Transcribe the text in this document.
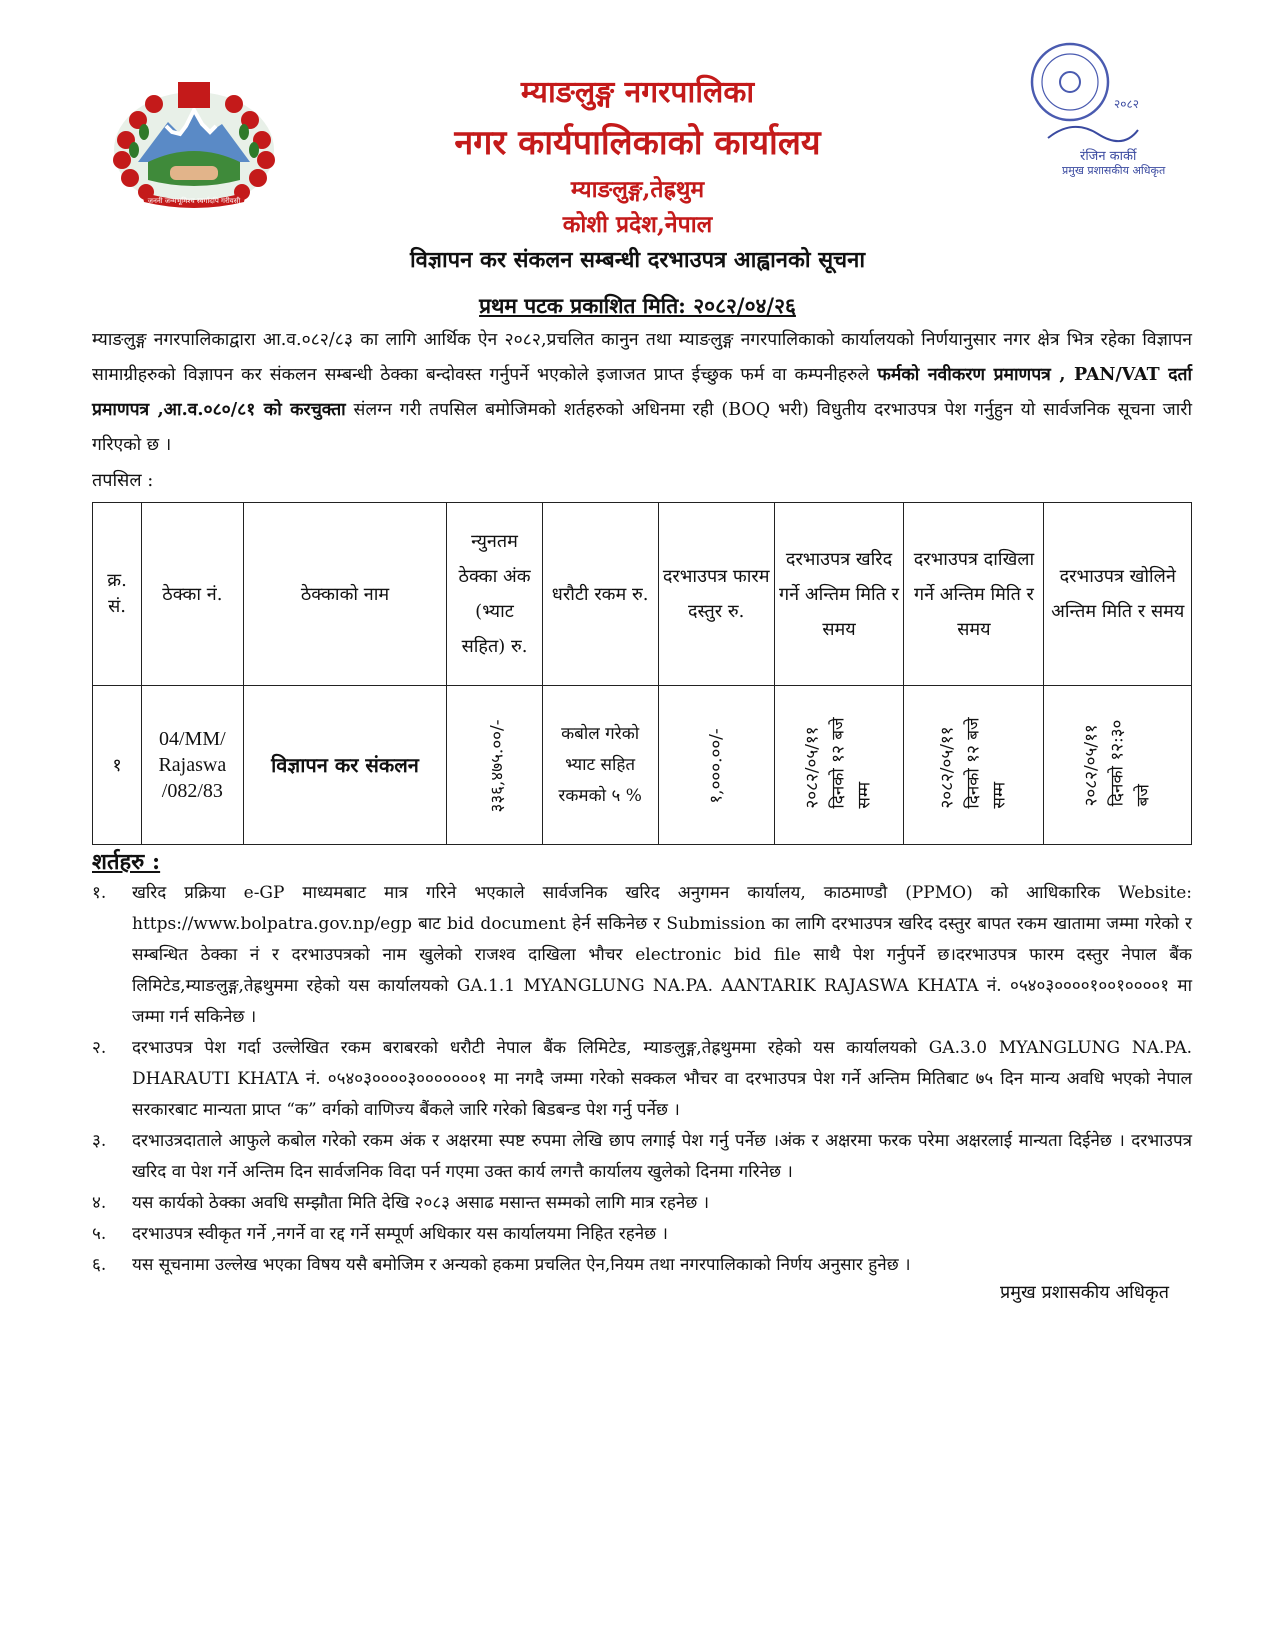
जननी जन्मभूमिश्च स्वर्गादपि गरीयसी
रंजिन कार्की
प्रमुख प्रशासकीय अधिकृत
२०८२
म्याङलुङ्ग नगरपालिका
नगर कार्यपालिकाको कार्यालय
म्याङलुङ्ग,तेह्रथुम
कोशी प्रदेश,नेपाल
विज्ञापन कर संकलन सम्बन्धी दरभाउपत्र आह्वानको सूचना
प्रथम पटक प्रकाशित मिति: २०८२/०४/२६
म्याङलुङ्ग नगरपालिकाद्वारा आ.व.०८२/८३ का लागि आर्थिक ऐन २०८२,प्रचलित कानुन तथा म्याङलुङ्ग नगरपालिकाको कार्यालयको निर्णयानुसार नगर क्षेत्र भित्र रहेका विज्ञापन सामाग्रीहरुको विज्ञापन कर संकलन सम्बन्धी ठेक्का बन्दोवस्त गर्नुपर्ने भएकोले इजाजत प्राप्त ईच्छुक फर्म वा कम्पनीहरुले फर्मको नवीकरण प्रमाणपत्र , PAN/VAT दर्ता प्रमाणपत्र ,आ.व.०८०/८१ को करचुक्ता संलग्न गरी तपसिल बमोजिमको शर्तहरुको अधिनमा रही (BOQ भरी) विधुतीय दरभाउपत्र पेश गर्नुहुन यो सार्वजनिक सूचना जारी गरिएको छ ।
तपसिल :
क्र. सं.	ठेक्का नं.	ठेक्काको नाम	न्युनतम ठेक्का अंक (भ्याट सहित) रु.	धरौटी रकम रु.	दरभाउपत्र फारम दस्तुर रु.	दरभाउपत्र खरिद गर्ने अन्तिम मिति र समय	दरभाउपत्र दाखिला गर्ने अन्तिम मिति र समय	दरभाउपत्र खोलिने अन्तिम मिति र समय
१	04/MM/ Rajaswa /082/83	विज्ञापन कर संकलन	३३६,४७५.००/-	कबोल गरेको भ्याट सहित रकमको ५ %	१,०००.००/-	२०८२/०५/११ दिनको १२ बजे सम्म	२०८२/०५/११ दिनको १२ बजे सम्म	२०८२/०५/११ दिनको १२:३० बजे
शर्तहरु :
१.	खरिद प्रक्रिया e-GP माध्यमबाट मात्र गरिने भएकाले सार्वजनिक खरिद अनुगमन कार्यालय, काठमाण्डौ (PPMO) को आधिकारिक Website: https://www.bolpatra.gov.np/egp बाट bid document हेर्न सकिनेछ र Submission का लागि दरभाउपत्र खरिद दस्तुर बापत रकम खातामा जम्मा गरेको र सम्बन्धित ठेक्का नं र दरभाउपत्रको नाम खुलेको राजश्व दाखिला भौचर electronic bid file साथै पेश गर्नुपर्ने छ।दरभाउपत्र फारम दस्तुर नेपाल बैंक लिमिटेड,म्याङलुङ्ग,तेह्रथुममा रहेको यस कार्यालयको GA.1.1 MYANGLUNG NA.PA. AANTARIK RAJASWA KHATA नं. ०५४०३००००१००१००००१ मा जम्मा गर्न सकिनेछ ।
२.	दरभाउपत्र पेश गर्दा उल्लेखित रकम बराबरको धरौटी नेपाल बैंक लिमिटेड, म्याङलुङ्ग,तेह्रथुममा रहेको यस कार्यालयको GA.3.0 MYANGLUNG NA.PA. DHARAUTI KHATA नं. ०५४०३००००३०००००००१ मा नगदै जम्मा गरेको सक्कल भौचर वा दरभाउपत्र पेश गर्ने अन्तिम मितिबाट ७५ दिन मान्य अवधि भएको नेपाल सरकारबाट मान्यता प्राप्त “क” वर्गको वाणिज्य बैंकले जारि गरेको बिडबन्ड पेश गर्नु पर्नेछ ।
३.	दरभाउत्रदाताले आफुले कबोल गरेको रकम अंक र अक्षरमा स्पष्ट रुपमा लेखि छाप लगाई पेश गर्नु पर्नेछ ।अंक र अक्षरमा फरक परेमा अक्षरलाई मान्यता दिईनेछ । दरभाउपत्र खरिद वा पेश गर्ने अन्तिम दिन सार्वजनिक विदा पर्न गएमा उक्त कार्य लगत्तै कार्यालय खुलेको दिनमा गरिनेछ ।
४.	यस कार्यको ठेक्का अवधि सम्झौता मिति देखि २०८३ असाढ मसान्त सम्मको लागि मात्र रहनेछ ।
५.	दरभाउपत्र स्वीकृत गर्ने ,नगर्ने वा रद्द गर्ने सम्पूर्ण अधिकार यस कार्यालयमा निहित रहनेछ ।
६.	यस सूचनामा उल्लेख भएका विषय यसै बमोजिम र अन्यको हकमा प्रचलित ऐन,नियम तथा नगरपालिकाको निर्णय अनुसार हुनेछ ।
प्रमुख प्रशासकीय अधिकृत
